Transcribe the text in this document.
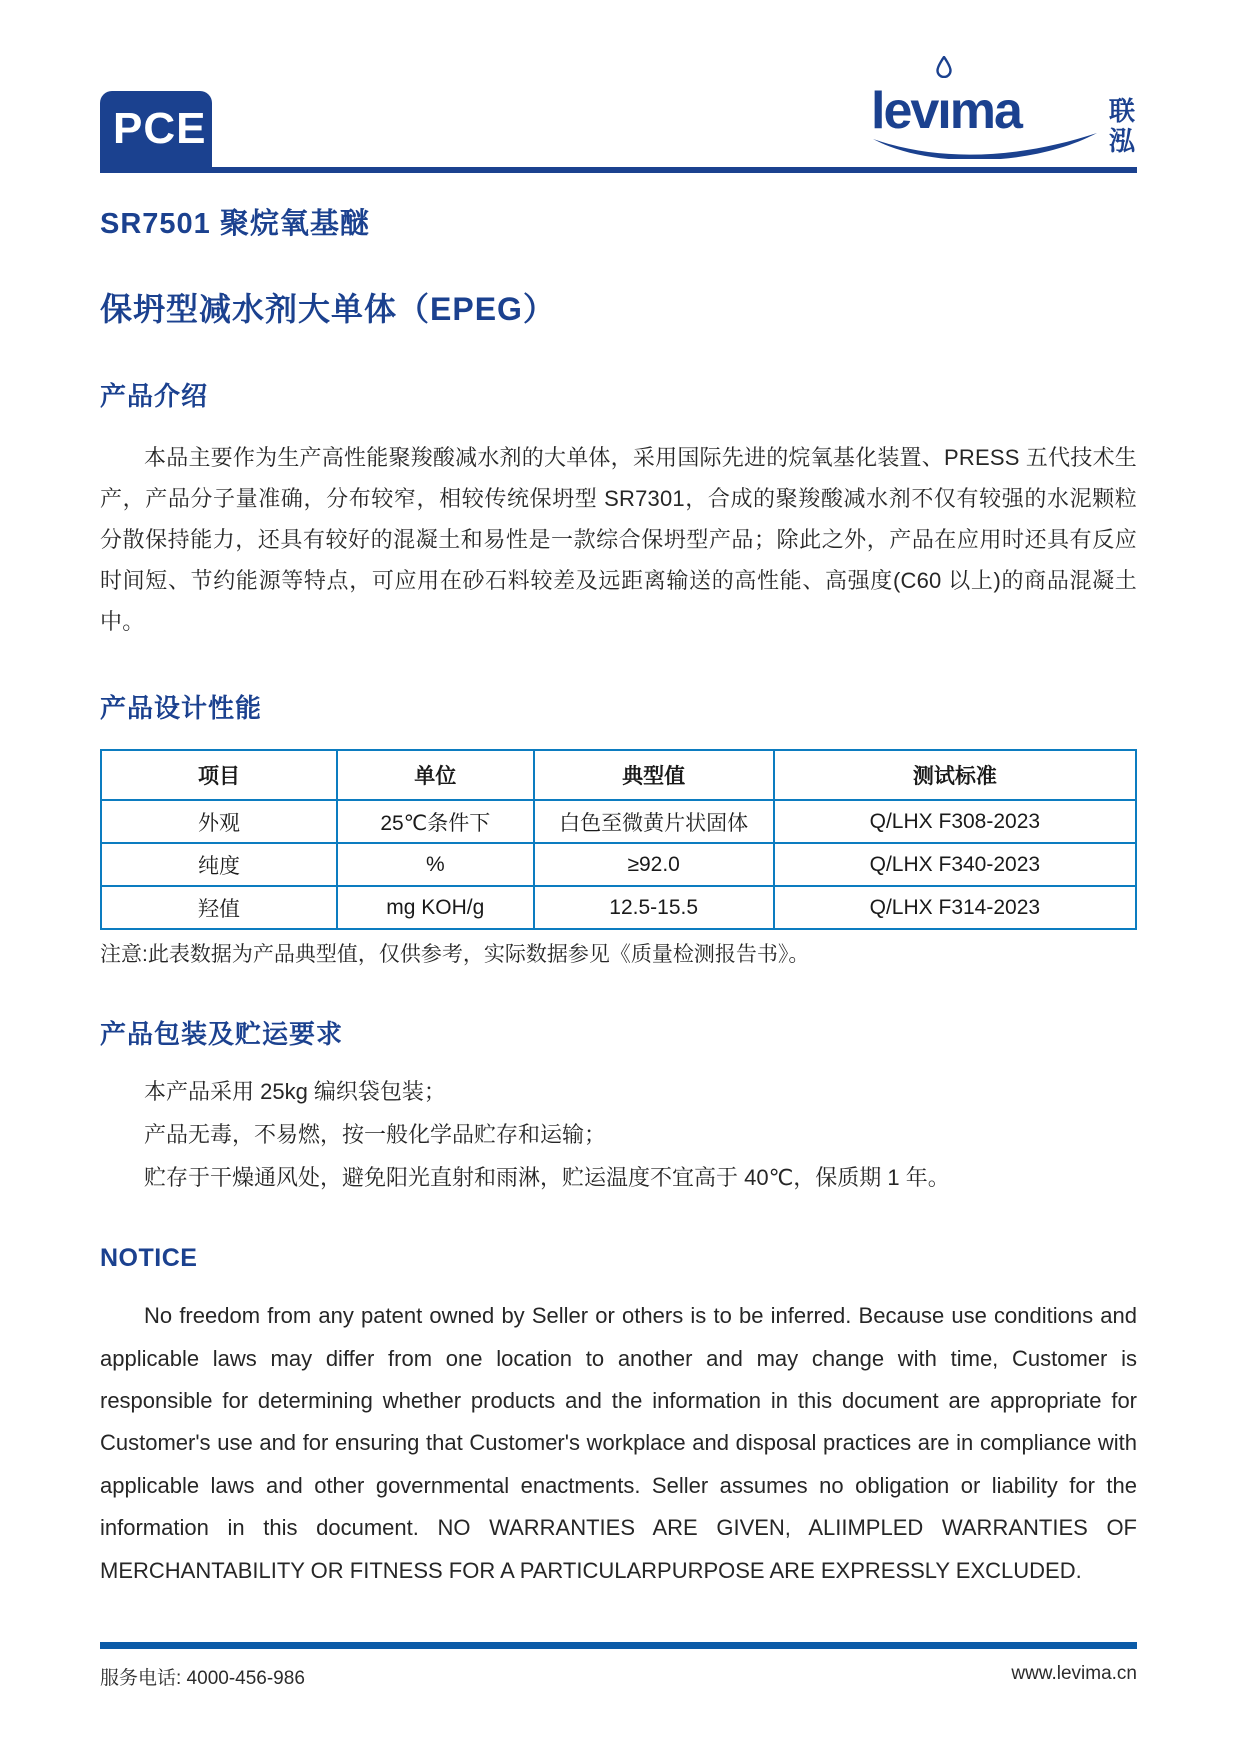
PCE	levı
ma	联泓
SR7501 聚烷氧基醚
保坍型减水剂大单体（EPEG）
产品介绍

本品主要作为生产高性能聚羧酸减水剂的大单体，采用国际先进的烷氧基化装置、PRESS 五代技术生产，产品分子量准确，分布较窄，相较传统保坍型 SR7301，合成的聚羧酸减水剂不仅有较强的水泥颗粒分散保持能力，还具有较好的混凝土和易性是一款综合保坍型产品；除此之外，产品在应用时还具有反应时间短、节约能源等特点，可应用在砂石料较差及远距离输送的高性能、高强度(C60 以上)的商品混凝土中。

产品设计性能
项目	单位	典型值	测试标准
外观	25℃条件下	白色至微黄片状固体	Q/LHX F308-2023
纯度	%	≥92.0	Q/LHX F340-2023
羟值	mg KOH/g	12.5-15.5	Q/LHX F314-2023
注意:此表数据为产品典型值，仅供参考，实际数据参见《质量检测报告书》。
产品包装及贮运要求
本产品采用 25kg 编织袋包装；
产品无毒，不易燃，按一般化学品贮存和运输；
贮存于干燥通风处，避免阳光直射和雨淋，贮运温度不宜高于 40℃，保质期 1 年。
NOTICE

No freedom from any patent owned by Seller or others is to be inferred. Because use conditions and applicable laws may differ from one location to another and may change with time, Customer is responsible for determining whether products and the information in this document are appropriate for Customer's use and for ensuring that Customer's workplace and disposal practices are in compliance with applicable laws and other governmental enactments. Seller assumes no obligation or liability for the information in this document. NO WARRANTIES ARE GIVEN, ALIIMPLED WARRANTIES OF MERCHANTABILITY OR FITNESS FOR A PARTICULARPURPOSE ARE EXPRESSLY EXCLUDED.

服务电话: 4000-456-986	www.levima.cn
